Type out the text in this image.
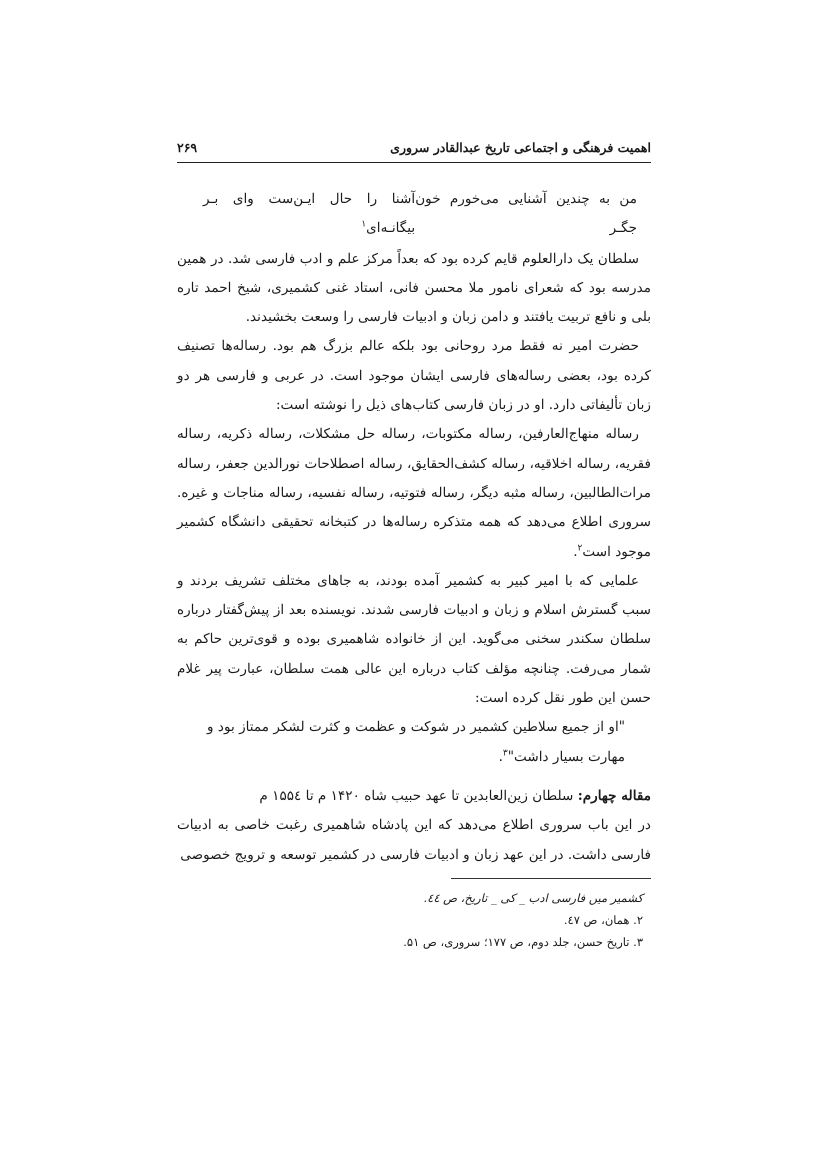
اهمیت فرهنگی و اجتماعی تاریخ عبدالقادر سروری
۲۶۹
من به چندین آشنایی می‌خورم خون جگـر
آشنا را حال ایـن‌ست وای بـر بیگانـه‌ای$^۱$

سلطان یک دارالعلوم قایم کرده بود که بعداً مرکز علم و ادب فارسی شد. در همین مدرسه بود که شعرای نامور ملا محسن فانی، استاد غنی کشمیری، شیخ احمد تاره بلی و نافع تربیت یافتند و دامن زبان و ادبیات فارسی را وسعت بخشیدند.

حضرت امیر نه فقط مرد روحانی بود بلکه عالم بزرگ هم بود. رساله‌ها تصنیف کرده بود، بعضی رساله‌های فارسی ایشان موجود است. در عربی و فارسی هر دو زبان تألیفاتی دارد. او در زبان فارسی کتاب‌های ذیل را نوشته است:

رساله منهاج‌العارفین، رساله مکتوبات، رساله حل مشکلات، رساله ذکریه، رساله فقریه، رساله اخلاقیه، رساله کشف‌الحقایق، رساله اصطلاحات نورالدین جعفر، رساله مرات‌الطالبین، رساله مثبه دیگر، رساله فتوتیه، رساله نفسیه، رساله مناجات و غیره. سروری اطلاع می‌دهد که همه متذکره رساله‌ها در کتبخانه تحقیقی دانشگاه کشمیر موجود است$^۲$.

علمایی که با امیر کبیر به کشمیر آمده بودند، به جاهای مختلف تشریف بردند و سبب گسترش اسلام و زبان و ادبیات فارسی شدند. نویسنده بعد از پیش‌گفتار درباره سلطان سکندر سخنی می‌گوید. این از خانواده شاهمیری بوده و قوی‌ترین حاکم به شمار می‌رفت. چنانچه مؤلف کتاب درباره این عالی همت سلطان، عبارت پیر غلام حسن این طور نقل کرده است:

"او از جمیع سلاطین کشمیر در شوکت و عظمت و کثرت لشکر ممتاز بود و مهارت بسیار داشت"$^۳$.

مقاله چهارم: سلطان زین‌العابدین تا عهد حبیب شاه ۱۴۲۰ م تا ۱۵۵٤ م

در این باب سروری اطلاع می‌دهد که این پادشاه شاهمیری رغبت خاصی به ادبیات فارسی داشت. در این عهد زبان و ادبیات فارسی در کشمیر توسعه و ترویج خصوصی

کشمیر میں فارسی ادب _ کی _ تاریخ، ص ٤٤.

۲. همان، ص ٤۷.

۳. تاریخ حسن، جلد دوم، ص ۱۷۷؛ سروری، ص ۵۱.
